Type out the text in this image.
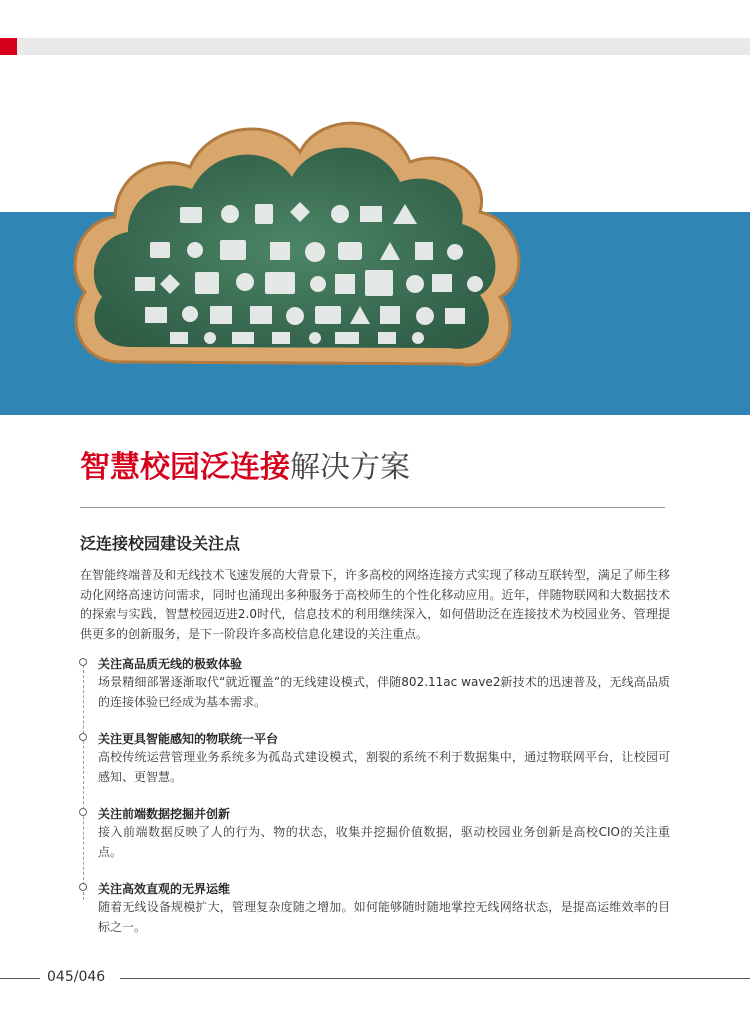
智慧校园泛连接解决方案
泛连接校园建设关注点
在智能终端普及和无线技术飞速发展的大背景下，许多高校的网络连接方式实现了移动互联转型，满足了师生移动化网络高速访问需求，同时也涌现出多种服务于高校师生的个性化移动应用。近年，伴随物联网和大数据技术的探索与实践，智慧校园迈进2.0时代，信息技术的利用继续深入，如何借助泛在连接技术为校园业务、管理提供更多的创新服务，是下一阶段许多高校信息化建设的关注重点。
关注高品质无线的极致体验
场景精细部署逐渐取代“就近覆盖”的无线建设模式，伴随802.11ac wave2新技术的迅速普及，无线高品质的连接体验已经成为基本需求。
关注更具智能感知的物联统一平台
高校传统运营管理业务系统多为孤岛式建设模式，割裂的系统不利于数据集中，通过物联网平台，让校园可感知、更智慧。
关注前端数据挖掘并创新
接入前端数据反映了人的行为、物的状态，收集并挖掘价值数据，驱动校园业务创新是高校CIO的关注重点。
关注高效直观的无界运维
随着无线设备规模扩大，管理复杂度随之增加。如何能够随时随地掌控无线网络状态，是提高运维效率的目标之一。
045/046
